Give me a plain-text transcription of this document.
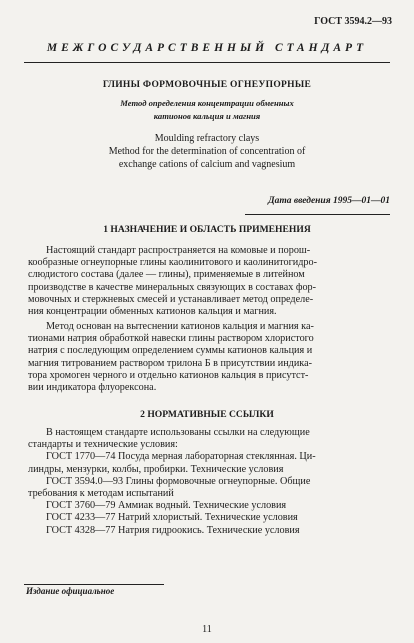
ГОСТ 3594.2—93
МЕЖГОСУДАРСТВЕННЫЙ СТАНДАРТ
ГЛИНЫ ФОРМОВОЧНЫЕ ОГНЕУПОРНЫЕ
Метод определения концентрации обменных
катионов кальция и магния
Moulding refractory clays
Method for the determination of concentration of
exchange cations of calcium and vagnesium
Дата введения 1995—01—01
1 НАЗНАЧЕНИЕ И ОБЛАСТЬ ПРИМЕНЕНИЯ
Настоящий стандарт распространяется на комовые и порош-
кообразные огнеупорные глины каолинитового и каолинитогидро-
слюдистого состава (далее — глины), применяемые в литейном
производстве в качестве минеральных связующих в составах фор-
мовочных и стержневых смесей и устанавливает метод определе-
ния концентрации обменных катионов кальция и магния.
Метод основан на вытеснении катионов кальция и магния ка-
тионами натрия обработкой навески глины раствором хлористого
натрия с последующим определением суммы катионов кальция и
магния титрованием раствором трилона Б в присутствии индика-
тора хромоген черного и отдельно катионов кальция в присутст-
вии индикатора флуорексона.
2 НОРМАТИВНЫЕ ССЫЛКИ
В настоящем стандарте использованы ссылки на следующие
стандарты и технические условия:
ГОСТ 1770—74 Посуда мерная лабораторная стеклянная. Ци-
линдры, мензурки, колбы, пробирки. Технические условия
ГОСТ 3594.0—93 Глины формовочные огнеупорные. Общие
требования к методам испытаний
ГОСТ 3760—79 Аммиак водный. Технические условия
ГОСТ 4233—77 Натрий хлористый. Технические условия
ГОСТ 4328—77 Натрия гидроокись. Технические условия
Издание официальное
11
